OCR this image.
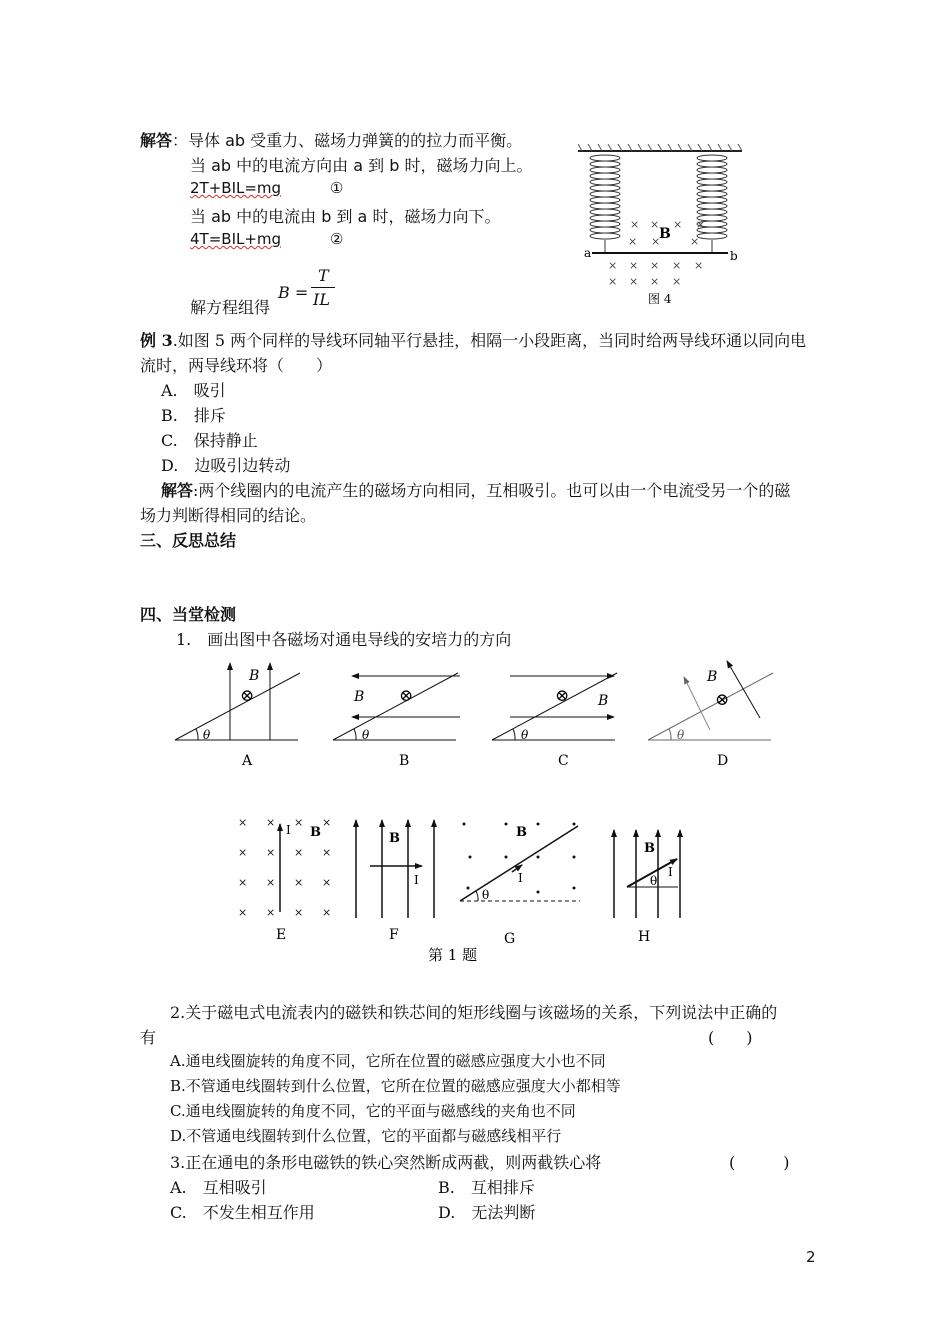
解答：导体 ab 受重力、磁场力弹簧的的拉力而平衡。
当 ab 中的电流方向由 a 到 b 时，磁场力向上。
2T+BIL=mg	①
当 ab 中的电流由 b 到 a 时，磁场力向下。
4T=BIL+mg	②
解方程组得
B =
T
IL
× × × ×
× ×	×
× × × × ×
× × × ×
B
a	b
图 4
例 3.如图 5 两个同样的导线环同轴平行悬挂，相隔一小段距离，当同时给两导线环通以同向电
流时，两导线环将（　　）
A.　吸引
B.　排斥
C.　保持静止
D.　边吸引边转动
解答:两个线圈内的电流产生的磁场方向相同，互相吸引。也可以由一个电流受另一个的磁
场力判断得相同的结论。
三、反思总结
四、当堂检测
1.　画出图中各磁场对通电导线的安培力的方向
θ
B
⊗
A
θ
B ⊗
B
θ
B
⊗
C
θ
B
⊗
D
× × × ×
× × × ×
× × × ×
× × × ×
I B
E
B
I
F
θ
B
I
G
B
θ
I
H
第 1 题
2.关于磁电式电流表内的磁铁和铁芯间的矩形线圈与该磁场的关系，下列说法中正确的
有	(　　)
A.通电线圈旋转的角度不同，它所在位置的磁感应强度大小也不同
B.不管通电线圈转到什么位置，它所在位置的磁感应强度大小都相等
C.通电线圈旋转的角度不同，它的平面与磁感线的夹角也不同
D.不管通电线圈转到什么位置，它的平面都与磁感线相平行
3.正在通电的条形电磁铁的铁心突然断成两截，则两截铁心将	(　　　)
A.　互相吸引	B.　互相排斥
C.　不发生相互作用	D.　无法判断
2
